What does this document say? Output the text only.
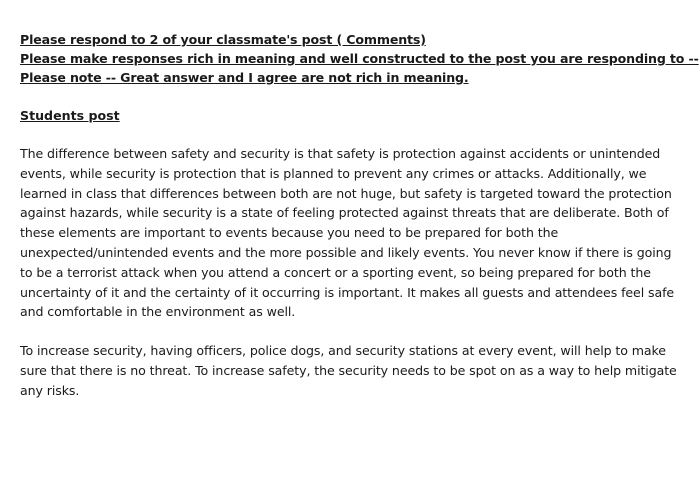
Please respond to 2 of your classmate's post ( Comments)
Please make responses rich in meaning and well constructed to the post you are responding to --
Please note -- Great answer and I agree are not rich in meaning.
Students post

The difference between safety and security is that safety is protection against accidents or unintended events, while security is protection that is planned to prevent any crimes or attacks. Additionally, we learned in class that differences between both are not huge, but safety is targeted toward the protection against hazards, while security is a state of feeling protected against threats that are deliberate. Both of these elements are important to events because you need to be prepared for both the unexpected/unintended events and the more possible and likely events. You never know if there is going to be a terrorist attack when you attend a concert or a sporting event, so being prepared for both the uncertainty of it and the certainty of it occurring is important. It makes all guests and attendees feel safe and comfortable in the environment as well.

To increase security, having officers, police dogs, and security stations at every event, will help to make sure that there is no threat. To increase safety, the security needs to be spot on as a way to help mitigate any risks.
